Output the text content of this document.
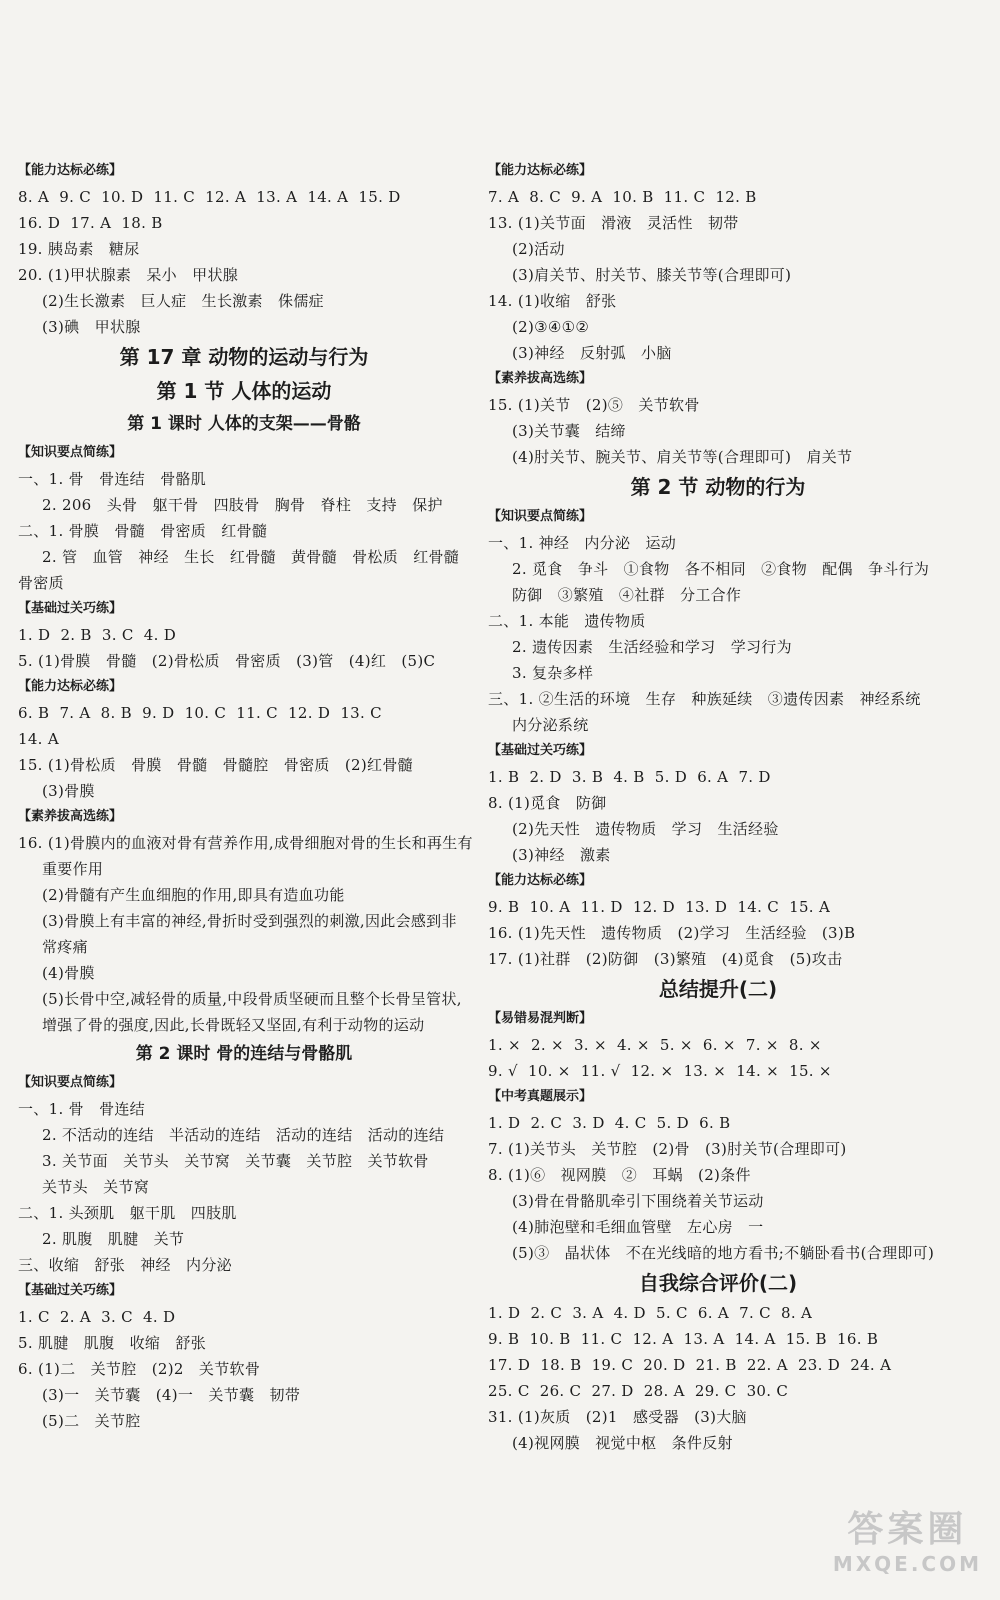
【能力达标必练】
8. A  9. C  10. D  11. C  12. A  13. A  14. A  15. D
16. D  17. A  18. B
19. 胰岛素   糖尿
20. (1)甲状腺素   呆小   甲状腺
(2)生长激素   巨人症   生长激素   侏儒症
(3)碘   甲状腺
第 17 章 动物的运动与行为
第 1 节 人体的运动
第 1 课时 人体的支架——骨骼
【知识要点简练】
一、1. 骨   骨连结   骨骼肌
2. 206   头骨   躯干骨   四肢骨   胸骨   脊柱   支持   保护
二、1. 骨膜   骨髓   骨密质   红骨髓
2. 管   血管   神经   生长   红骨髓   黄骨髓   骨松质   红骨髓
骨密质
【基础过关巧练】
1. D  2. B  3. C  4. D
5. (1)骨膜   骨髓   (2)骨松质   骨密质   (3)管   (4)红   (5)C
【能力达标必练】
6. B  7. A  8. B  9. D  10. C  11. C  12. D  13. C
14. A
15. (1)骨松质   骨膜   骨髓   骨髓腔   骨密质   (2)红骨髓
(3)骨膜
【素养拔高选练】
16. (1)骨膜内的血液对骨有营养作用,成骨细胞对骨的生长和再生有
重要作用
(2)骨髓有产生血细胞的作用,即具有造血功能
(3)骨膜上有丰富的神经,骨折时受到强烈的刺激,因此会感到非
常疼痛
(4)骨膜
(5)长骨中空,减轻骨的质量,中段骨质坚硬而且整个长骨呈管状,
增强了骨的强度,因此,长骨既轻又坚固,有利于动物的运动
第 2 课时 骨的连结与骨骼肌
【知识要点简练】
一、1. 骨   骨连结
2. 不活动的连结   半活动的连结   活动的连结   活动的连结
3. 关节面   关节头   关节窝   关节囊   关节腔   关节软骨
关节头   关节窝
二、1. 头颈肌   躯干肌   四肢肌
2. 肌腹   肌腱   关节
三、收缩   舒张   神经   内分泌
【基础过关巧练】
1. C  2. A  3. C  4. D
5. 肌腱   肌腹   收缩   舒张
6. (1)二   关节腔   (2)2   关节软骨
(3)一   关节囊   (4)一   关节囊   韧带
(5)二   关节腔
【能力达标必练】
7. A  8. C  9. A  10. B  11. C  12. B
13. (1)关节面   滑液   灵活性   韧带
(2)活动
(3)肩关节、肘关节、膝关节等(合理即可)
14. (1)收缩   舒张
(2)③④①②
(3)神经   反射弧   小脑
【素养拔高选练】
15. (1)关节   (2)⑤   关节软骨
(3)关节囊   结缔
(4)肘关节、腕关节、肩关节等(合理即可)   肩关节
第 2 节 动物的行为
【知识要点简练】
一、1. 神经   内分泌   运动
2. 觅食   争斗   ①食物   各不相同   ②食物   配偶   争斗行为
防御   ③繁殖   ④社群   分工合作
二、1. 本能   遗传物质
2. 遗传因素   生活经验和学习   学习行为
3. 复杂多样
三、1. ②生活的环境   生存   种族延续   ③遗传因素   神经系统
内分泌系统
【基础过关巧练】
1. B  2. D  3. B  4. B  5. D  6. A  7. D
8. (1)觅食   防御
(2)先天性   遗传物质   学习   生活经验
(3)神经   激素
【能力达标必练】
9. B  10. A  11. D  12. D  13. D  14. C  15. A
16. (1)先天性   遗传物质   (2)学习   生活经验   (3)B
17. (1)社群   (2)防御   (3)繁殖   (4)觅食   (5)攻击
总结提升(二)
【易错易混判断】
1. ×  2. ×  3. ×  4. ×  5. ×  6. ×  7. ×  8. ×
9. √  10. ×  11. √  12. ×  13. ×  14. ×  15. ×
【中考真题展示】
1. D  2. C  3. D  4. C  5. D  6. B
7. (1)关节头   关节腔   (2)骨   (3)肘关节(合理即可)
8. (1)⑥   视网膜   ②   耳蜗   (2)条件
(3)骨在骨骼肌牵引下围绕着关节运动
(4)肺泡壁和毛细血管壁   左心房   一
(5)③   晶状体   不在光线暗的地方看书;不躺卧看书(合理即可)
自我综合评价(二)
1. D  2. C  3. A  4. D  5. C  6. A  7. C  8. A
9. B  10. B  11. C  12. A  13. A  14. A  15. B  16. B
17. D  18. B  19. C  20. D  21. B  22. A  23. D  24. A
25. C  26. C  27. D  28. A  29. C  30. C
31. (1)灰质   (2)1   感受器   (3)大脑
(4)视网膜   视觉中枢   条件反射
答案圈
MXQE.COM
